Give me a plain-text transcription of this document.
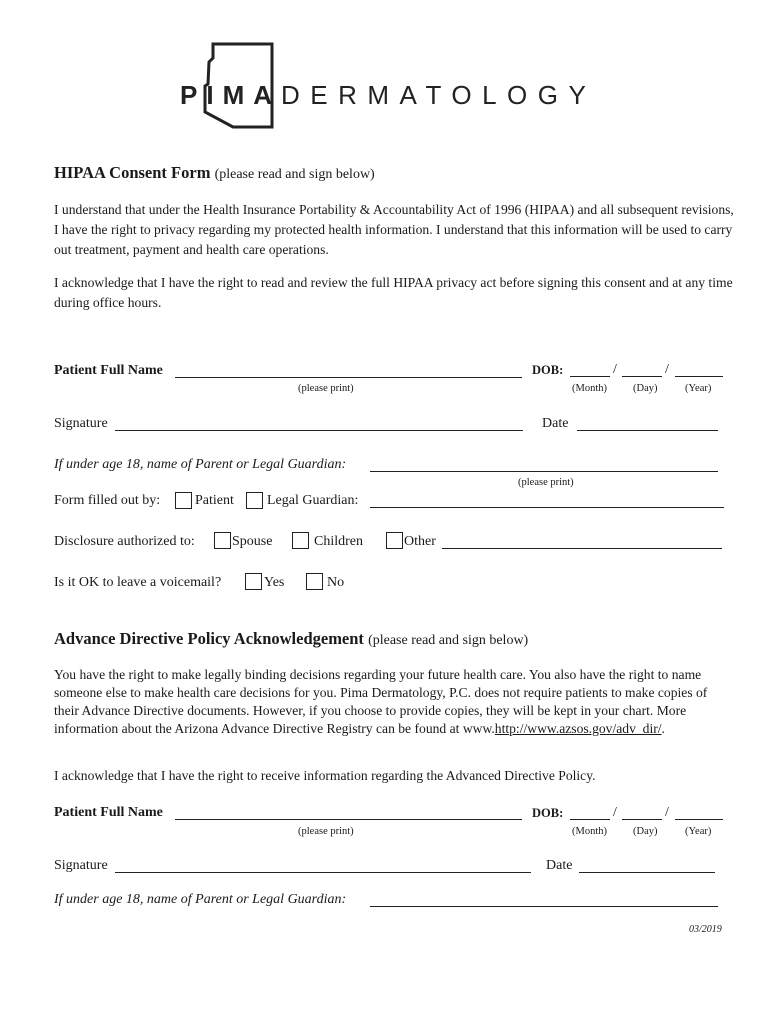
PIMADERMATOLOGY
HIPAA Consent Form (please read and sign below)
I understand that under the Health Insurance Portability & Accountability Act of 1996 (HIPAA) and all subsequent revisions, I have the right to privacy regarding my protected health information. I understand that this information will be used to carry out treatment, payment and health care operations.
I acknowledge that I have the right to read and review the full HIPAA privacy act before signing this consent and at any time during office hours.
Patient Full Name
(please print)
DOB:	/	/
(Month) (Day)	(Year)
Signature	Date
If under age 18, name of Parent or Legal Guardian:
(please print)
Form filled out by: Patient Legal Guardian:
Disclosure authorized to:	Spouse	Children	Other
Is it OK to leave a voicemail?	Yes	No
Advance Directive Policy Acknowledgement (please read and sign below)
You have the right to make legally binding decisions regarding your future health care. You also have the right to name someone else to make health care decisions for you. Pima Dermatology, P.C. does not require patients to make copies of their Advance Directive documents. However, if you choose to provide copies, they will be kept in your chart. More information about the Arizona Advance Directive Registry can be found at www.http://www.azsos.gov/adv_dir/.
I acknowledge that I have the right to receive information regarding the Advanced Directive Policy.
Patient Full Name
(please print)
DOB:	/	/
(Month) (Day)	(Year)
Signature	Date
If under age 18, name of Parent or Legal Guardian:
03/2019
